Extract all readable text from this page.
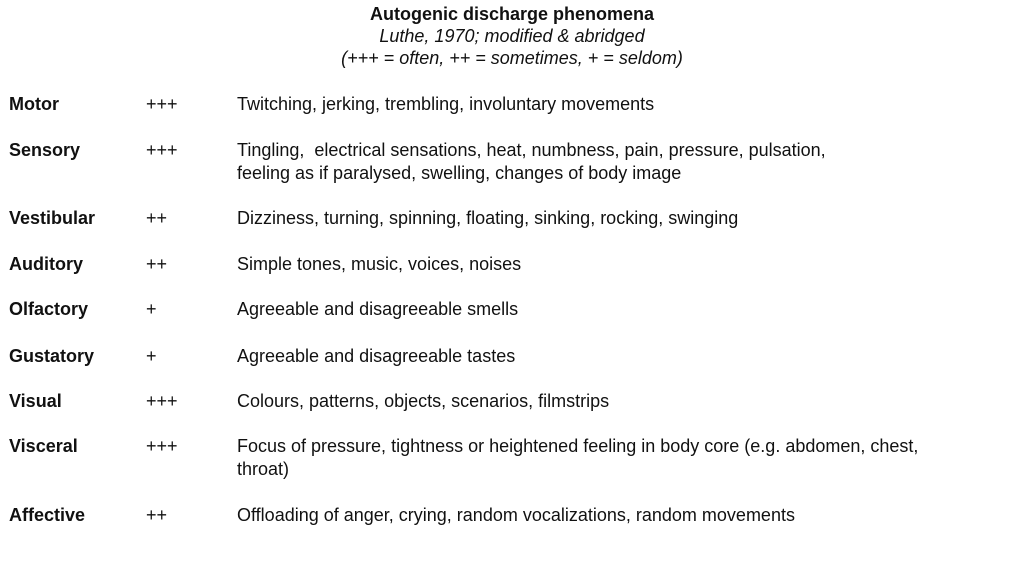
Autogenic discharge phenomena
Luthe, 1970; modified & abridged
(+++ = often, ++ = sometimes, + = seldom)
Motor	+++	Twitching, jerking, trembling, involuntary movements
Sensory	+++	Tingling,  electrical sensations, heat, numbness, pain, pressure, pulsation,
feeling as if paralysed, swelling, changes of body image
Vestibular	++	Dizziness, turning, spinning, floating, sinking, rocking, swinging
Auditory	++	Simple tones, music, voices, noises
Olfactory	+	Agreeable and disagreeable smells
Gustatory	+	Agreeable and disagreeable tastes
Visual	+++	Colours, patterns, objects, scenarios, filmstrips
Visceral	+++	Focus of pressure, tightness or heightened feeling in body core (e.g. abdomen, chest,
throat)
Affective	++	Offloading of anger, crying, random vocalizations, random movements
